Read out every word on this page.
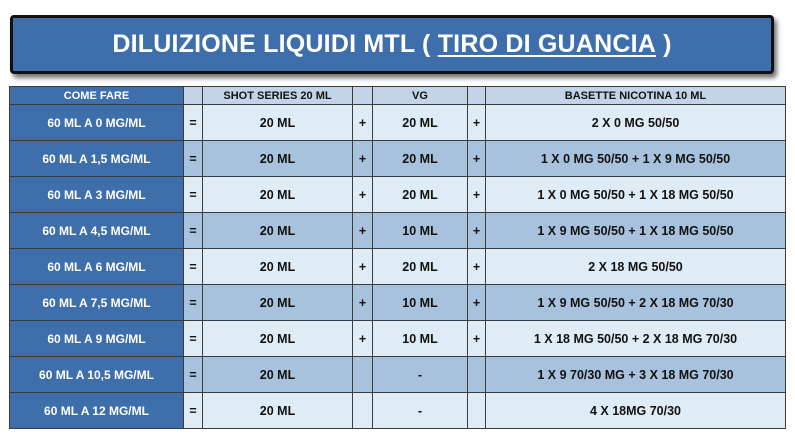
DILUIZIONE LIQUIDI MTL ( TIRO DI GUANCIA )
COME FARE		SHOT SERIES 20 ML		VG		BASETTE NICOTINA 10 ML
60 ML A 0 MG/ML	=	20 ML	+	20 ML	+	2 X 0 MG 50/50
60 ML A 1,5 MG/ML	=	20 ML	+	20 ML	+	1 X 0 MG 50/50 + 1 X 9 MG 50/50
60 ML A 3 MG/ML	=	20 ML	+	20 ML	+	1 X 0 MG 50/50 + 1 X 18 MG 50/50
60 ML A 4,5 MG/ML	=	20 ML	+	10 ML	+	1 X 9 MG 50/50 + 1 X 18 MG 50/50
60 ML A 6 MG/ML	=	20 ML	+	20 ML	+	2 X 18 MG 50/50
60 ML A 7,5 MG/ML	=	20 ML	+	10 ML	+	1 X 9 MG 50/50 + 2 X 18 MG 70/30
60 ML A 9 MG/ML	=	20 ML	+	10 ML	+	1 X 18 MG 50/50 + 2 X 18 MG 70/30
60 ML A 10,5 MG/ML	=	20 ML		-		1 X 9 70/30 MG + 3 X 18 MG 70/30
60 ML A 12 MG/ML	=	20 ML		-		4 X 18MG 70/30
